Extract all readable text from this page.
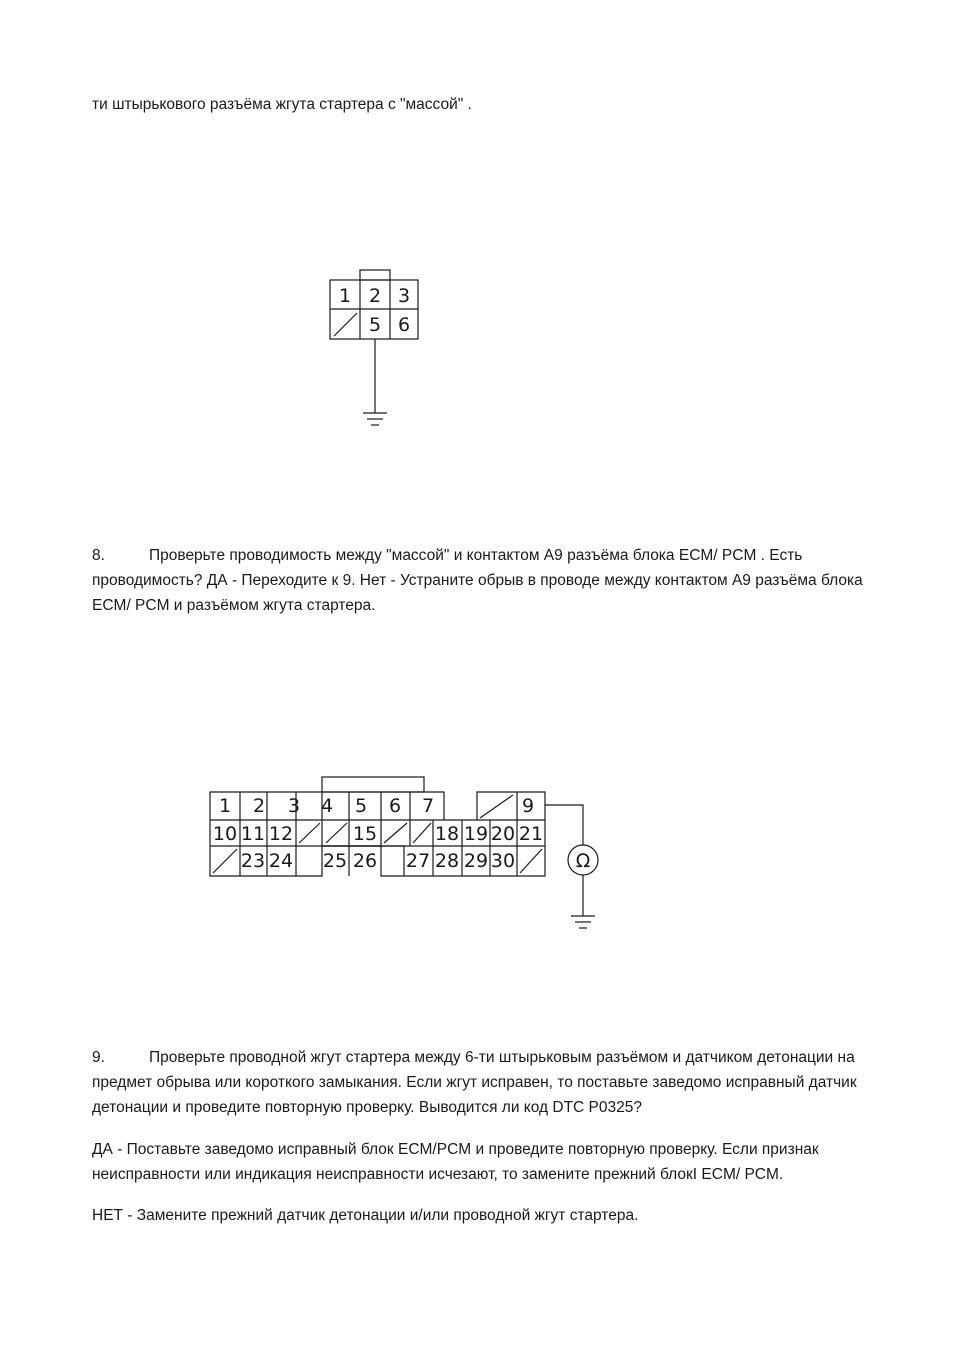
ти штырькового разъёма жгута стартера с "массой" .

1 2 3
5 6
1 2 3 4 5 6 7	9
10 11 12	15	18 19 20 21
23 24 25 26 27 28 29 30	Ω

8.	Проверьте проводимость между "массой" и контактом А9 разъёма блока ECM/ PCM . Есть проводимость? ДА - Переходите к 9. Нет - Устраните обрыв в проводе между контактом А9 разъёма блока ECM/ PCM и разъёмом жгута стартера.

9.	Проверьте проводной жгут стартера между 6-ти штырьковым разъёмом и датчиком детонации на предмет обрыва или короткого замыкания. Если жгут исправен, то поставьте заведомо исправный датчик детонации и проведите повторную проверку. Выводится ли код DTC P0325?

ДА - Поставьте заведомо исправный блок ECM/PCM и проведите повторную проверку. Если признак неисправности или индикация неисправности исчезают, то замените прежний блокI ECM/ PCM.

НЕТ - Замените прежний датчик детонации и/или проводной жгут стартера.
